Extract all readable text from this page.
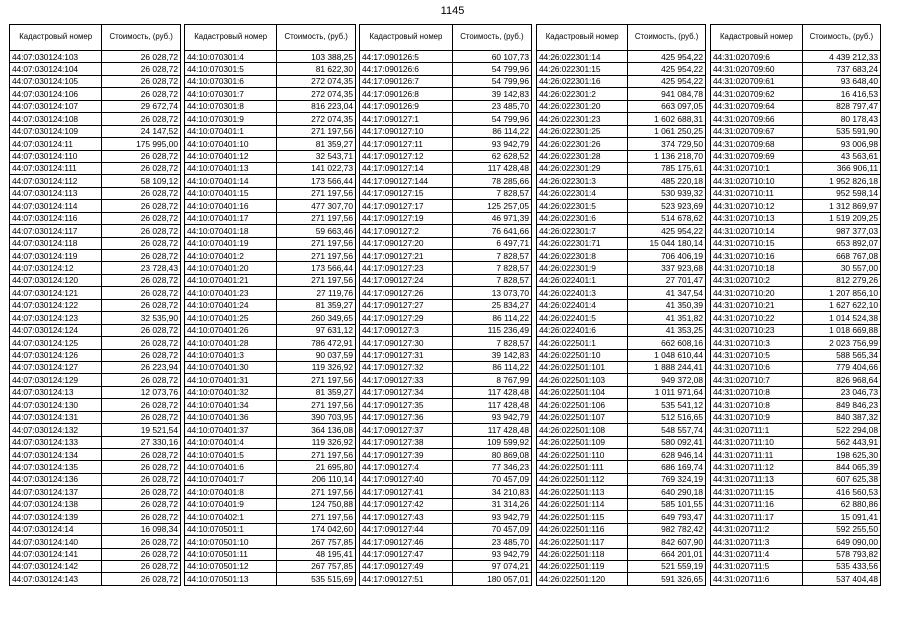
1145
Кадастровый номер	Стоимость, (руб.)
44:07:030124:103	26 028,72
44:07:030124:104	26 028,72
44:07:030124:105	26 028,72
44:07:030124:106	26 028,72
44:07:030124:107	29 672,74
44:07:030124:108	26 028,72
44:07:030124:109	24 147,52
44:07:030124:11	175 995,00
44:07:030124:110	26 028,72
44:07:030124:111	26 028,72
44:07:030124:112	58 109,12
44:07:030124:113	26 028,72
44:07:030124:114	26 028,72
44:07:030124:116	26 028,72
44:07:030124:117	26 028,72
44:07:030124:118	26 028,72
44:07:030124:119	26 028,72
44:07:030124:12	23 728,43
44:07:030124:120	26 028,72
44:07:030124:121	26 028,72
44:07:030124:122	26 028,72
44:07:030124:123	32 535,90
44:07:030124:124	26 028,72
44:07:030124:125	26 028,72
44:07:030124:126	26 028,72
44:07:030124:127	26 223,94
44:07:030124:129	26 028,72
44:07:030124:13	12 073,76
44:07:030124:130	26 028,72
44:07:030124:131	26 028,72
44:07:030124:132	19 521,54
44:07:030124:133	27 330,16
44:07:030124:134	26 028,72
44:07:030124:135	26 028,72
44:07:030124:136	26 028,72
44:07:030124:137	26 028,72
44:07:030124:138	26 028,72
44:07:030124:139	26 028,72
44:07:030124:14	16 098,34
44:07:030124:140	26 028,72
44:07:030124:141	26 028,72
44:07:030124:142	26 028,72
44:07:030124:143	26 028,72
Кадастровый номер	Стоимость, (руб.)
44:10:070301:4	103 388,25
44:10:070301:5	81 622,30
44:10:070301:6	272 074,35
44:10:070301:7	272 074,35
44:10:070301:8	816 223,04
44:10:070301:9	272 074,35
44:10:070401:1	271 197,56
44:10:070401:10	81 359,27
44:10:070401:12	32 543,71
44:10:070401:13	141 022,73
44:10:070401:14	173 566,44
44:10:070401:15	271 197,56
44:10:070401:16	477 307,70
44:10:070401:17	271 197,56
44:10:070401:18	59 663,46
44:10:070401:19	271 197,56
44:10:070401:2	271 197,56
44:10:070401:20	173 566,44
44:10:070401:21	271 197,56
44:10:070401:23	27 119,76
44:10:070401:24	81 359,27
44:10:070401:25	260 349,65
44:10:070401:26	97 631,12
44:10:070401:28	786 472,91
44:10:070401:3	90 037,59
44:10:070401:30	119 326,92
44:10:070401:31	271 197,56
44:10:070401:32	81 359,27
44:10:070401:34	271 197,56
44:10:070401:36	390 703,95
44:10:070401:37	364 136,08
44:10:070401:4	119 326,92
44:10:070401:5	271 197,56
44:10:070401:6	21 695,80
44:10:070401:7	206 110,14
44:10:070401:8	271 197,56
44:10:070401:9	124 750,88
44:10:070402:1	271 197,56
44:10:070501:1	174 042,60
44:10:070501:10	267 757,85
44:10:070501:11	48 195,41
44:10:070501:12	267 757,85
44:10:070501:13	535 515,69
Кадастровый номер	Стоимость, (руб.)
44:17:090126:5	60 107,73
44:17:090126:6	54 799,96
44:17:090126:7	54 799,96
44:17:090126:8	39 142,83
44:17:090126:9	23 485,70
44:17:090127:1	54 799,96
44:17:090127:10	86 114,22
44:17:090127:11	93 942,79
44:17:090127:12	62 628,52
44:17:090127:14	117 428,48
44:17:090127:144	78 285,66
44:17:090127:15	7 828,57
44:17:090127:17	125 257,05
44:17:090127:19	46 971,39
44:17:090127:2	76 641,66
44:17:090127:20	6 497,71
44:17:090127:21	7 828,57
44:17:090127:23	7 828,57
44:17:090127:24	7 828,57
44:17:090127:26	13 073,70
44:17:090127:27	25 834,27
44:17:090127:29	86 114,22
44:17:090127:3	115 236,49
44:17:090127:30	7 828,57
44:17:090127:31	39 142,83
44:17:090127:32	86 114,22
44:17:090127:33	8 767,99
44:17:090127:34	117 428,48
44:17:090127:35	117 428,48
44:17:090127:36	93 942,79
44:17:090127:37	117 428,48
44:17:090127:38	109 599,92
44:17:090127:39	80 869,08
44:17:090127:4	77 346,23
44:17:090127:40	70 457,09
44:17:090127:41	34 210,83
44:17:090127:42	31 314,26
44:17:090127:43	93 942,79
44:17:090127:44	70 457,09
44:17:090127:46	23 485,70
44:17:090127:47	93 942,79
44:17:090127:49	97 074,21
44:17:090127:51	180 057,01
Кадастровый номер	Стоимость, (руб.)
44:26:022301:14	425 954,22
44:26:022301:15	425 954,22
44:26:022301:16	425 954,22
44:26:022301:2	941 084,78
44:26:022301:20	663 097,05
44:26:022301:23	1 602 688,31
44:26:022301:25	1 061 250,25
44:26:022301:26	374 729,50
44:26:022301:28	1 136 218,70
44:26:022301:29	785 175,61
44:26:022301:3	485 220,18
44:26:022301:4	530 939,32
44:26:022301:5	523 923,69
44:26:022301:6	514 678,62
44:26:022301:7	425 954,22
44:26:022301:71	15 044 180,14
44:26:022301:8	706 406,19
44:26:022301:9	337 923,68
44:26:022401:1	27 701,47
44:26:022401:3	41 347,54
44:26:022401:4	41 350,39
44:26:022401:5	41 351,82
44:26:022401:6	41 353,25
44:26:022501:1	662 608,16
44:26:022501:10	1 048 610,44
44:26:022501:101	1 888 244,41
44:26:022501:103	949 372,08
44:26:022501:104	1 011 971,64
44:26:022501:106	535 541,12
44:26:022501:107	512 516,65
44:26:022501:108	548 557,74
44:26:022501:109	580 092,41
44:26:022501:110	628 946,14
44:26:022501:111	686 169,74
44:26:022501:112	769 324,19
44:26:022501:113	640 290,18
44:26:022501:114	585 101,55
44:26:022501:115	649 793,47
44:26:022501:116	982 782,42
44:26:022501:117	842 607,90
44:26:022501:118	664 201,01
44:26:022501:119	521 559,19
44:26:022501:120	591 326,65
Кадастровый номер	Стоимость, (руб.)
44:31:020709:6	4 439 212,33
44:31:020709:60	737 683,24
44:31:020709:61	93 648,40
44:31:020709:62	16 416,53
44:31:020709:64	828 797,47
44:31:020709:66	80 178,43
44:31:020709:67	535 591,90
44:31:020709:68	93 006,98
44:31:020709:69	43 563,61
44:31:020710:1	366 906,11
44:31:020710:10	1 952 826,18
44:31:020710:11	952 598,14
44:31:020710:12	1 312 869,97
44:31:020710:13	1 519 209,25
44:31:020710:14	987 377,03
44:31:020710:15	653 892,07
44:31:020710:16	668 767,08
44:31:020710:18	30 557,00
44:31:020710:2	812 279,26
44:31:020710:20	1 207 856,10
44:31:020710:21	1 627 622,10
44:31:020710:22	1 014 524,38
44:31:020710:23	1 018 669,88
44:31:020710:3	2 023 756,99
44:31:020710:5	588 565,34
44:31:020710:6	779 404,66
44:31:020710:7	826 968,64
44:31:020710:8	23 046,73
44:31:020710:8	849 846,23
44:31:020710:9	840 387,32
44:31:020711:1	522 294,08
44:31:020711:10	562 443,91
44:31:020711:11	198 625,30
44:31:020711:12	844 065,39
44:31:020711:13	607 625,38
44:31:020711:15	416 560,53
44:31:020711:16	62 880,86
44:31:020711:17	15 091,41
44:31:020711:2	592 255,50
44:31:020711:3	649 090,00
44:31:020711:4	578 793,82
44:31:020711:5	535 433,56
44:31:020711:6	537 404,48
